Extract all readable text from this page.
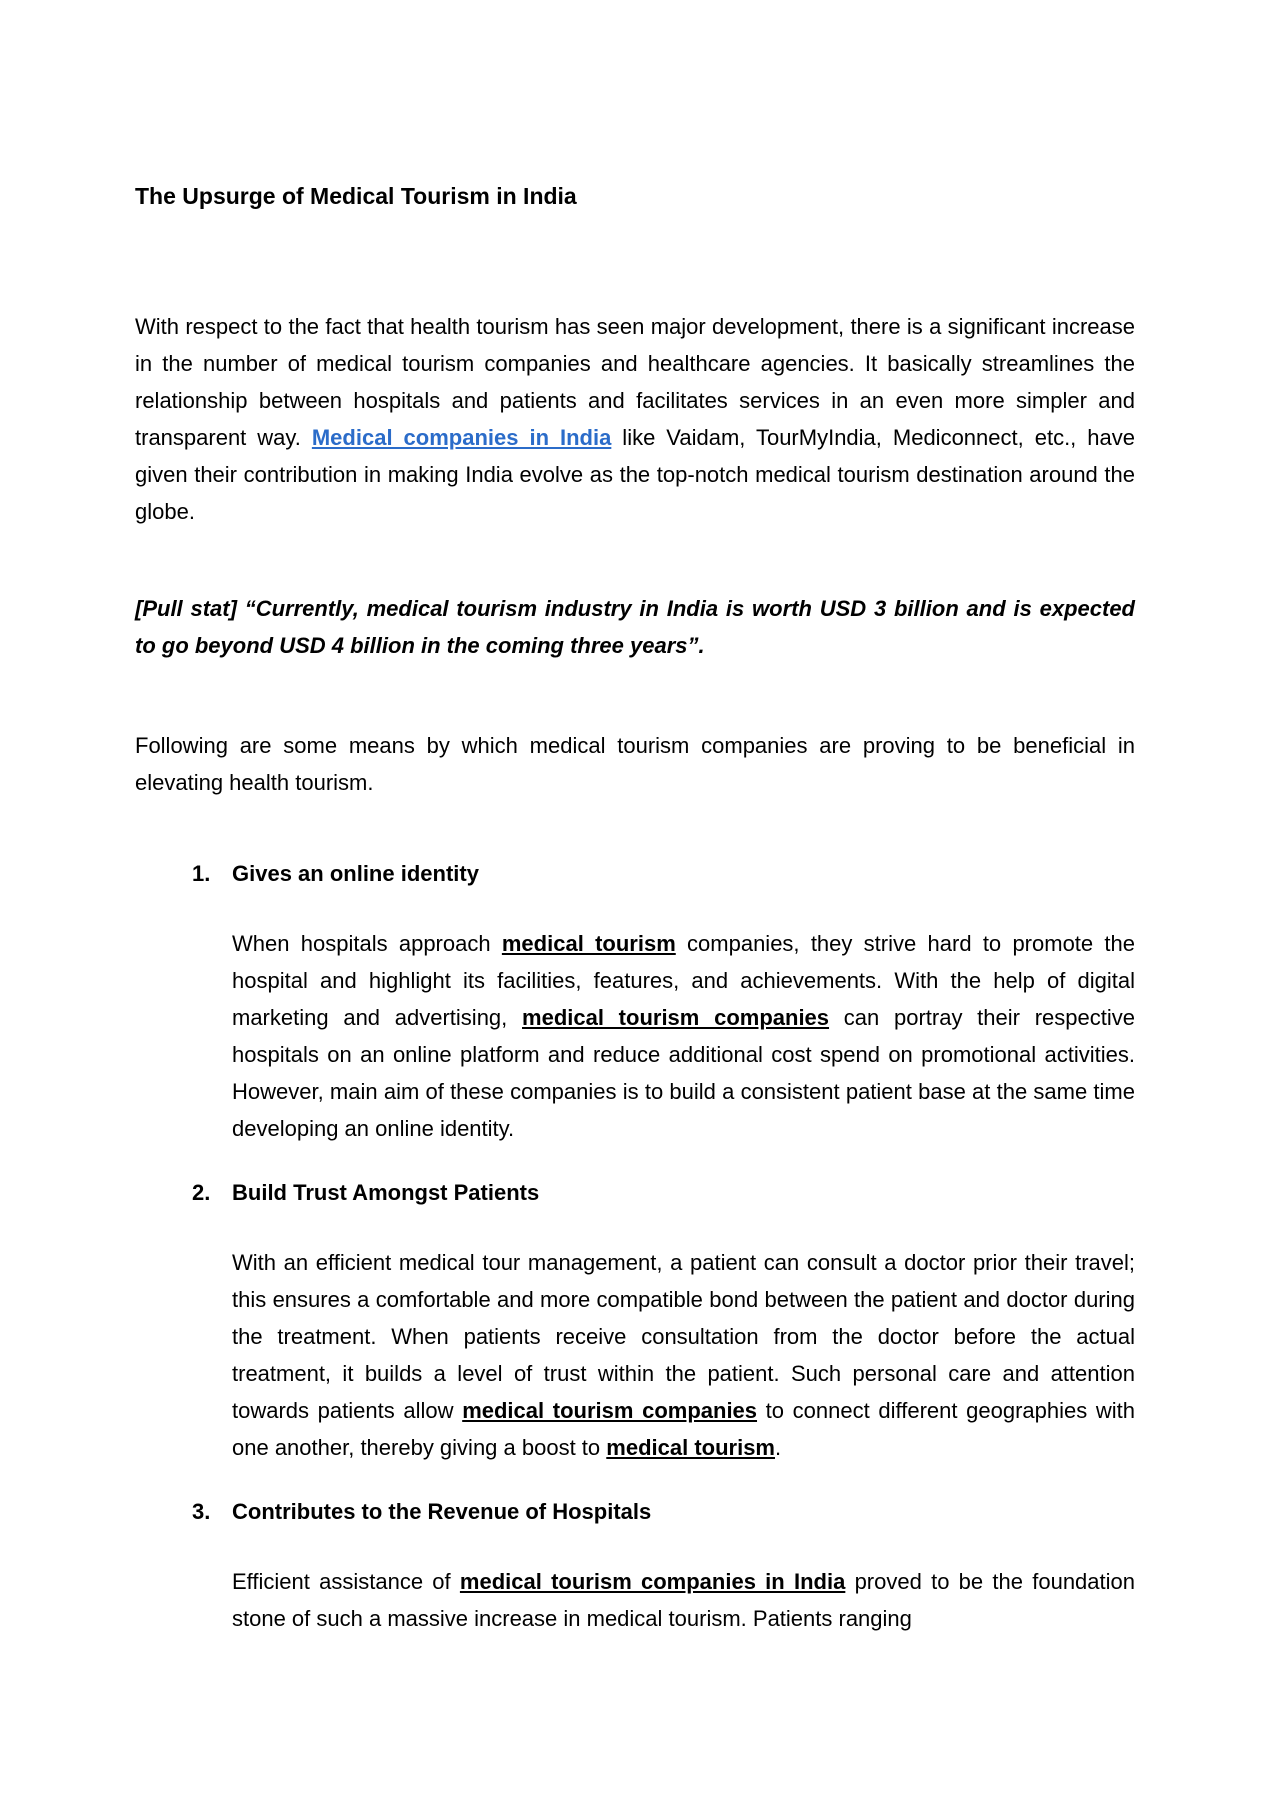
The Upsurge of Medical Tourism in India

With respect to the fact that health tourism has seen major development, there is a significant increase in the number of medical tourism companies and healthcare agencies. It basically streamlines the relationship between hospitals and patients and facilitates services in an even more simpler and transparent way. Medical companies in India like Vaidam, TourMyIndia, Mediconnect, etc., have given their contribution in making India evolve as the top-notch medical tourism destination around the globe.

[Pull stat] “Currently, medical tourism industry in India is worth USD 3 billion and is expected to go beyond USD 4 billion in the coming three years”.

Following are some means by which medical tourism companies are proving to be beneficial in elevating health tourism.

1. Gives an online identity

When hospitals approach medical tourism companies, they strive hard to promote the hospital and highlight its facilities, features, and achievements. With the help of digital marketing and advertising, medical tourism companies can portray their respective hospitals on an online platform and reduce additional cost spend on promotional activities. However, main aim of these companies is to build a consistent patient base at the same time developing an online identity.

2. Build Trust Amongst Patients

With an efficient medical tour management, a patient can consult a doctor prior their travel; this ensures a comfortable and more compatible bond between the patient and doctor during the treatment. When patients receive consultation from the doctor before the actual treatment, it builds a level of trust within the patient. Such personal care and attention towards patients allow medical tourism companies to connect different geographies with one another, thereby giving a boost to medical tourism.

3. Contributes to the Revenue of Hospitals

Efficient assistance of medical tourism companies in India proved to be the foundation stone of such a massive increase in medical tourism. Patients ranging
